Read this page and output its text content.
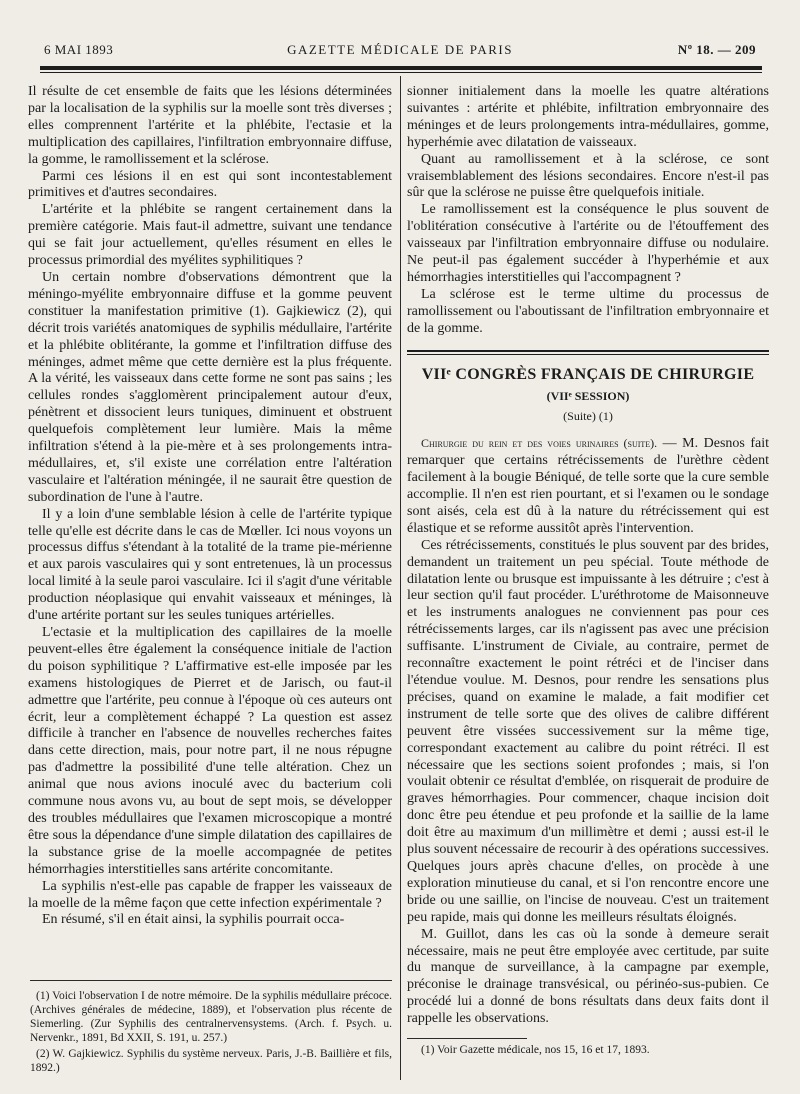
6 MAI 1893	GAZETTE MÉDICALE DE PARIS	Nº 18. — 209

Il résulte de cet ensemble de faits que les lésions déterminées par la localisation de la syphilis sur la moelle sont très diverses ; elles comprennent l'artérite et la phlébite, l'ectasie et la multiplication des capillaires, l'infiltration embryonnaire diffuse, la gomme, le ramollissement et la sclérose.

Parmi ces lésions il en est qui sont incontestablement primitives et d'autres secondaires.

L'artérite et la phlébite se rangent certainement dans la première catégorie. Mais faut-il admettre, suivant une tendance qui se fait jour actuellement, qu'elles résument en elles le processus primordial des myélites syphilitiques ?

Un certain nombre d'observations démontrent que la méningo-myélite embryonnaire diffuse et la gomme peuvent constituer la manifestation primitive (1). Gajkiewicz (2), qui décrit trois variétés anatomiques de syphilis médullaire, l'artérite et la phlébite oblitérante, la gomme et l'infiltration diffuse des méninges, admet même que cette dernière est la plus fréquente. A la vérité, les vaisseaux dans cette forme ne sont pas sains ; les cellules rondes s'agglomèrent principalement autour d'eux, pénètrent et dissocient leurs tuniques, diminuent et obstruent quelquefois complètement leur lumière. Mais la même infiltration s'étend à la pie-mère et à ses prolongements intra-médullaires, et, s'il existe une corrélation entre l'altération vasculaire et l'altération méningée, il ne saurait être question de subordination de l'une à l'autre.

Il y a loin d'une semblable lésion à celle de l'artérite typique telle qu'elle est décrite dans le cas de Mœller. Ici nous voyons un processus diffus s'étendant à la totalité de la trame pie-mérienne et aux parois vasculaires qui y sont entretenues, là un processus local limité à la seule paroi vasculaire. Ici il s'agit d'une véritable production néoplasique qui envahit vaisseaux et méninges, là d'une artérite portant sur les seules tuniques artérielles.

L'ectasie et la multiplication des capillaires de la moelle peuvent-elles être également la conséquence initiale de l'action du poison syphilitique ? L'affirmative est-elle imposée par les examens histologiques de Pierret et de Jarisch, ou faut-il admettre que l'artérite, peu connue à l'époque où ces auteurs ont écrit, leur a complètement échappé ? La question est assez difficile à trancher en l'absence de nouvelles recherches faites dans cette direction, mais, pour notre part, il ne nous répugne pas d'admettre la possibilité d'une telle altération. Chez un animal que nous avions inoculé avec du bacterium coli commune nous avons vu, au bout de sept mois, se développer des troubles médullaires que l'examen microscopique a montré être sous la dépendance d'une simple dilatation des capillaires de la substance grise de la moelle accompagnée de petites hémorrhagies interstitielles sans artérite concomitante.

La syphilis n'est-elle pas capable de frapper les vaisseaux de la moelle de la même façon que cette infection expérimentale ?

En résumé, s'il en était ainsi, la syphilis pourrait occa-

(1) Voici l'observation I de notre mémoire. De la syphilis médullaire précoce. (Archives générales de médecine, 1889), et l'observation plus récente de Siemerling. (Zur Syphilis des centralnervensystems. (Arch. f. Psych. u. Nervenkr., 1891, Bd XXII, S. 191, u. 257.)

(2) W. Gajkiewicz. Syphilis du système nerveux. Paris, J.-B. Baillière et fils, 1892.)

sionner initialement dans la moelle les quatre altérations suivantes : artérite et phlébite, infiltration embryonnaire des méninges et de leurs prolongements intra-médullaires, gomme, hyperhémie avec dilatation de vaisseaux.

Quant au ramollissement et à la sclérose, ce sont vraisemblablement des lésions secondaires. Encore n'est-il pas sûr que la sclérose ne puisse être quelquefois initiale.

Le ramollissement est la conséquence le plus souvent de l'oblitération consécutive à l'artérite ou de l'étouffement des vaisseaux par l'infiltration embryonnaire diffuse ou nodulaire. Ne peut-il pas également succéder à l'hyperhémie et aux hémorrhagies interstitielles qui l'accompagnent ?

La sclérose est le terme ultime du processus de ramollissement ou l'aboutissant de l'infiltration embryonnaire et de la gomme.

VIIᵉ CONGRÈS FRANÇAIS DE CHIRURGIE
(VIIᵉ SESSION)
(Suite) (1)

Chirurgie du rein et des voies urinaires (suite). — M. Desnos fait remarquer que certains rétrécissements de l'urèthre cèdent facilement à la bougie Béniqué, de telle sorte que la cure semble accomplie. Il n'en est rien pourtant, et si l'examen ou le sondage sont aisés, cela est dû à la nature du rétrécissement qui est élastique et se reforme aussitôt après l'intervention.

Ces rétrécissements, constitués le plus souvent par des brides, demandent un traitement un peu spécial. Toute méthode de dilatation lente ou brusque est impuissante à les détruire ; c'est à leur section qu'il faut procéder. L'uréthrotome de Maisonneuve et les instruments analogues ne conviennent pas pour ces rétrécissements larges, car ils n'agissent pas avec une précision suffisante. L'instrument de Civiale, au contraire, permet de reconnaître exactement le point rétréci et de l'inciser dans l'étendue voulue. M. Desnos, pour rendre les sensations plus précises, quand on examine le malade, a fait modifier cet instrument de telle sorte que des olives de calibre différent peuvent être vissées successivement sur la même tige, correspondant exactement au calibre du point rétréci. Il est nécessaire que les sections soient profondes ; mais, si l'on voulait obtenir ce résultat d'emblée, on risquerait de produire de graves hémorrhagies. Pour commencer, chaque incision doit donc être peu étendue et peu profonde et la saillie de la lame doit être au maximum d'un millimètre et demi ; aussi est-il le plus souvent nécessaire de recourir à des opérations successives. Quelques jours après chacune d'elles, on procède à une exploration minutieuse du canal, et si l'on rencontre encore une bride ou une saillie, on l'incise de nouveau. C'est un traitement peu rapide, mais qui donne les meilleurs résultats éloignés.

M. Guillot, dans les cas où la sonde à demeure serait nécessaire, mais ne peut être employée avec certitude, par suite du manque de surveillance, à la campagne par exemple, préconise le drainage transvésical, ou périnéo-sus-pubien. Ce procédé lui a donné de bons résultats dans deux faits dont il rappelle les observations.

(1) Voir Gazette médicale, nos 15, 16 et 17, 1893.
